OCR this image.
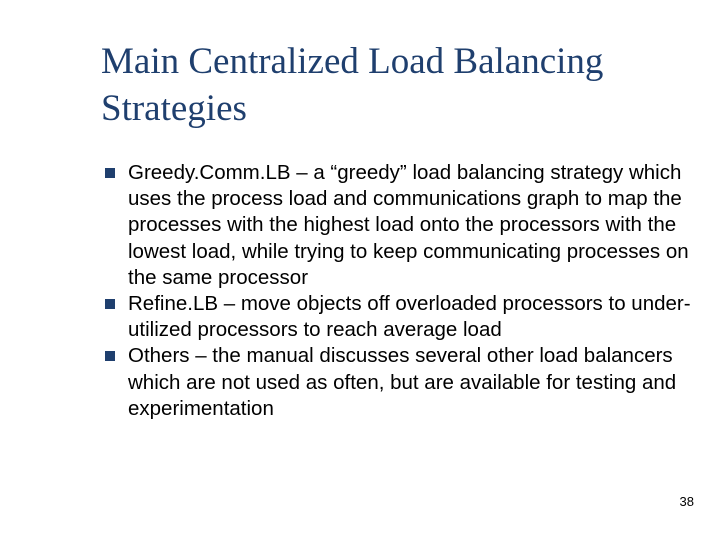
Main Centralized Load Balancing Strategies
Greedy.Comm.LB – a “greedy” load balancing strategy which uses the process load and communications graph to map the processes with the highest load onto the processors with the lowest load, while trying to keep communicating processes on the same processor
Refine.LB – move objects off overloaded processors to under-utilized processors to reach average load
Others – the manual discusses several other load balancers which are not used as often, but are available for testing and experimentation
38
